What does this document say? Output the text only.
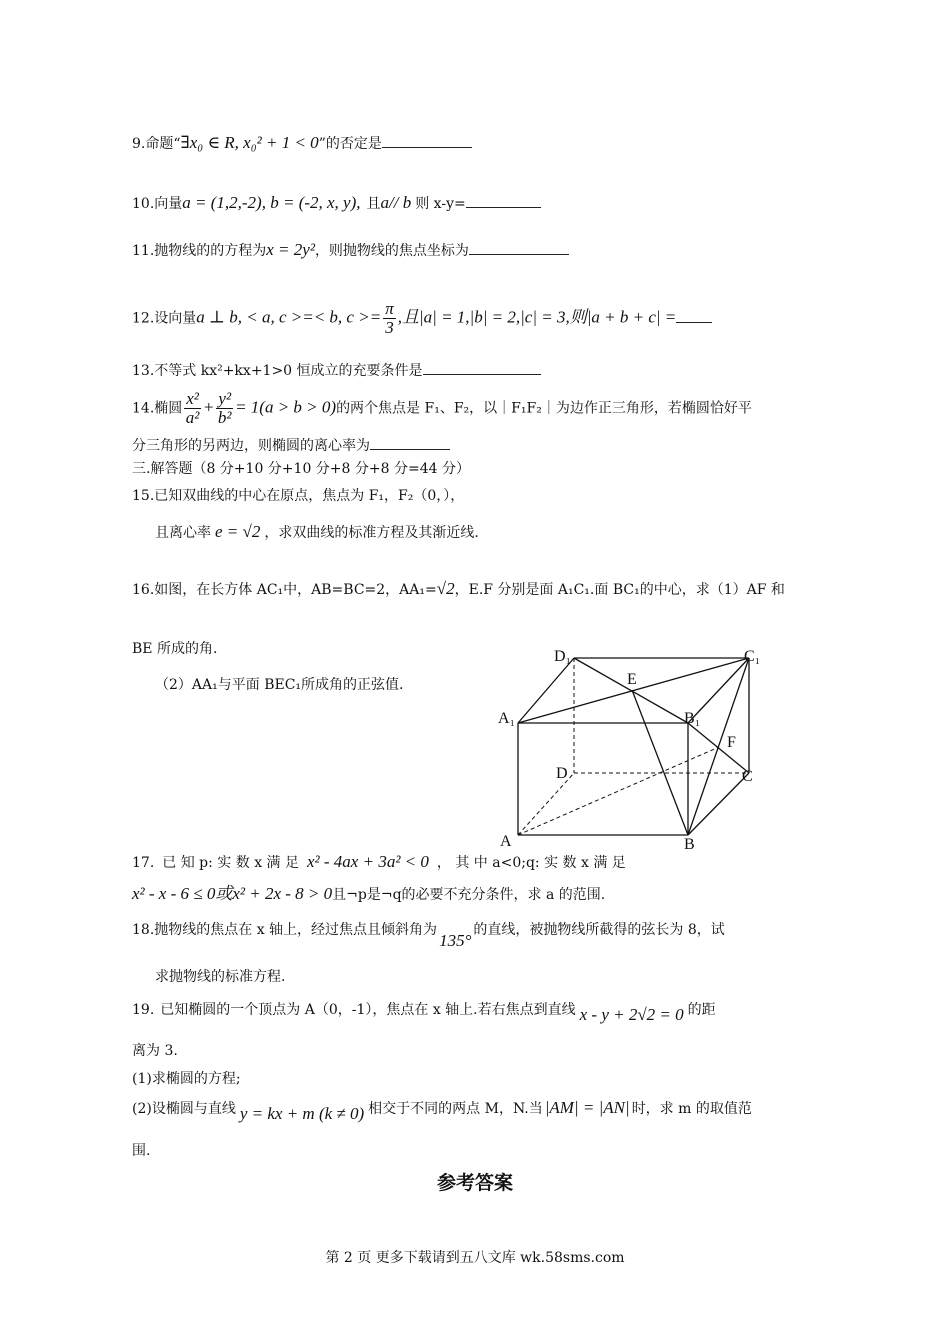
9.命题“∃x₀ ∈ R, x₀² + 1 < 0”的否定是
10.向量a = (1,2,-2), b = (-2, x, y), 且a// b 则 x-y=
11.抛物线的的方程为x = 2y²，则抛物线的焦点坐标为
12.设向量a ⊥ b, < a, c >=< b, $c >= \frac{\pi}{3}$ ,且|a| = 1,|b| = 2,|c| = 3,则|a + b + c| =
13.不等式 kx²+kx+1>0 恒成立的充要条件是
14.椭圆 $\frac{\text{x²}}{\text{a²}} + \frac{\text{y²}}{\text{b²}} = 1(a > b > 0)$的两个焦点是 F₁、F₂，以｜F₁F₂｜为边作正三角形，若椭圆恰好平
分三角形的另两边，则椭圆的离心率为
三.解答题（8 分+10 分+10 分+8 分+8 分=44 分）
15.已知双曲线的中心在原点，焦点为 F₁，F₂（0，），
且离心率 e = √2 ，求双曲线的标准方程及其渐近线.
16.如图，在长方体 AC₁中，AB=BC=2，AA₁=√2，E.F 分别是面 A₁C₁.面 BC₁的中心，求（1）AF 和
BE 所成的角.
（2）AA₁与平面 BEC₁所成角的正弦值.
D₁	C₁
E
A₁	B₁
F
D	C
A	B
17. 已 知 p: 实 数 x 满 足 x² - 4ax + 3a² < 0 ， 其 中 a<0;q: 实 数 x 满 足
x² - x - 6 ≤ 0或x² + 2x - 8 > 0且¬p是¬q的必要不充分条件，求 a 的范围.
18.抛物线的焦点在 x 轴上，经过焦点且倾斜角为135°的直线，被抛物线所截得的弦长为 8，试
求抛物线的标准方程.
19. 已知椭圆的一个顶点为 A（0，-1），焦点在 x 轴上.若右焦点到直线 x - y + 2√2 = 0 的距
离为 3.
(1)求椭圆的方程;
(2)设椭圆与直线 y = kx + m (k ≠ 0) 相交于不同的两点 M，N.当 |AM| = |AN| 时，求 m 的取值范
围.
参考答案
第 2 页 更多下载请到五八文库 wk.58sms.com
